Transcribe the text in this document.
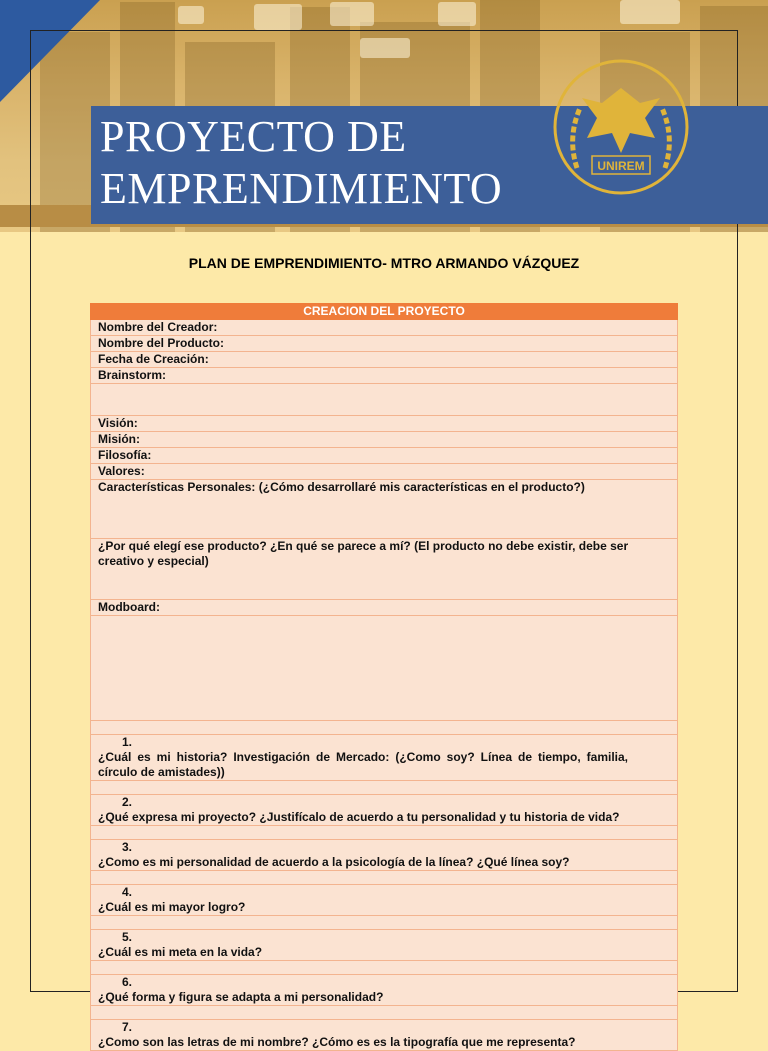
PROYECTO DE
EMPRENDIMIENTO	UNIREM
PLAN DE EMPRENDIMIENTO- MTRO ARMANDO VÁZQUEZ
CREACION DEL PROYECTO
Nombre del Creador:
Nombre del Producto:
Fecha de Creación:
Brainstorm:

Visión:
Misión:
Filosofía:
Valores:
Características Personales: (¿Cómo desarrollaré mis características en el producto?)
¿Por qué elegí ese producto? ¿En qué se parece a mí? (El producto no debe existir, debe ser creativo y especial)
Modboard:

1.¿Cuál es mi historia? Investigación de Mercado: (¿Como soy? Línea de tiempo, familia, círculo de amistades))

2.¿Qué expresa mi proyecto? ¿Justifícalo de acuerdo a tu personalidad y tu historia de vida?

3.¿Como es mi personalidad de acuerdo a la psicología de la línea? ¿Qué línea soy?

4.¿Cuál es mi mayor logro?

5.¿Cuál es mi meta en la vida?

6.¿Qué forma y figura se adapta a mi personalidad?

7.¿Como son las letras de mi nombre? ¿Cómo es es la tipografía que me representa?
